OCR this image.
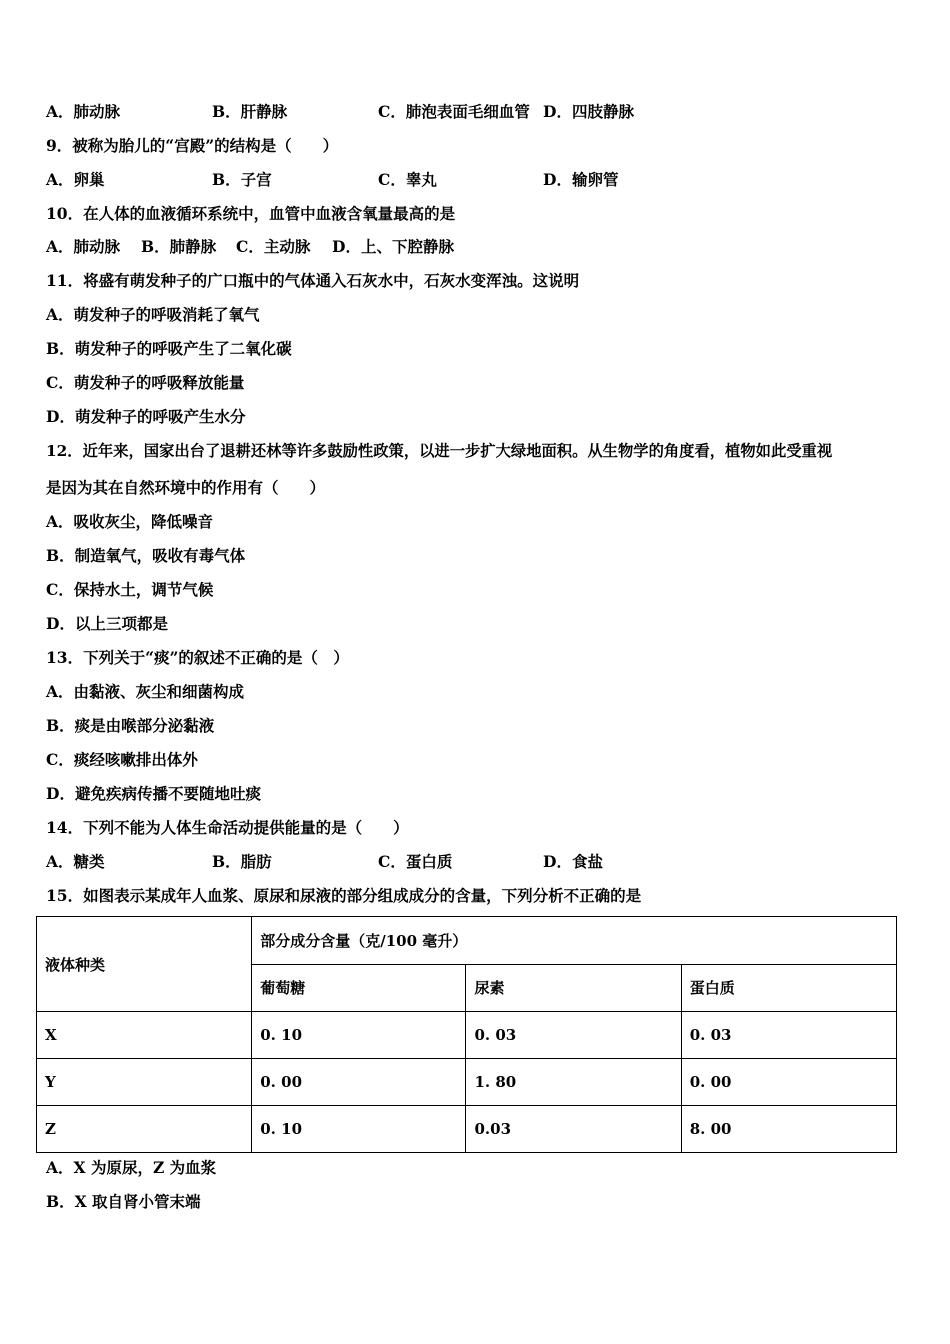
A．肺动脉	B．肝静脉	C．肺泡表面毛细血管 D．四肢静脉
9．被称为胎儿的“宫殿”的结构是（　　）
A．卵巢	B．子宫	C．睾丸	D．输卵管
10．在人体的血液循环系统中，血管中血液含氧量最高的是
A．肺动脉 B．肺静脉 C．主动脉 D．上、下腔静脉
11．将盛有萌发种子的广口瓶中的气体通入石灰水中，石灰水变浑浊。这说明
A．萌发种子的呼吸消耗了氧气
B．萌发种子的呼吸产生了二氧化碳
C．萌发种子的呼吸释放能量
D．萌发种子的呼吸产生水分
12．近年来，国家出台了退耕还林等许多鼓励性政策，以进一步扩大绿地面积。从生物学的角度看，植物如此受重视
是因为其在自然环境中的作用有（　　）
A．吸收灰尘，降低噪音
B．制造氧气，吸收有毒气体
C．保持水土，调节气候
D．以上三项都是
13．下列关于“痰”的叙述不正确的是（　）
A．由黏液、灰尘和细菌构成
B．痰是由喉部分泌黏液
C．痰经咳嗽排出体外
D．避免疾病传播不要随地吐痰
14．下列不能为人体生命活动提供能量的是（　　）
A．糖类	B．脂肪	C．蛋白质	D．食盐
15．如图表示某成年人血浆、原尿和尿液的部分组成成分的含量，下列分析不正确的是
液体种类	部分成分含量（克/100 毫升）		
	葡萄糖	尿素	蛋白质
X	0. 10	0. 03	0. 03
Y	0. 00	1. 80	0. 00
Z	0. 10	0.03	8. 00
A．X 为原尿，Z 为血浆
B．X 取自肾小管末端
